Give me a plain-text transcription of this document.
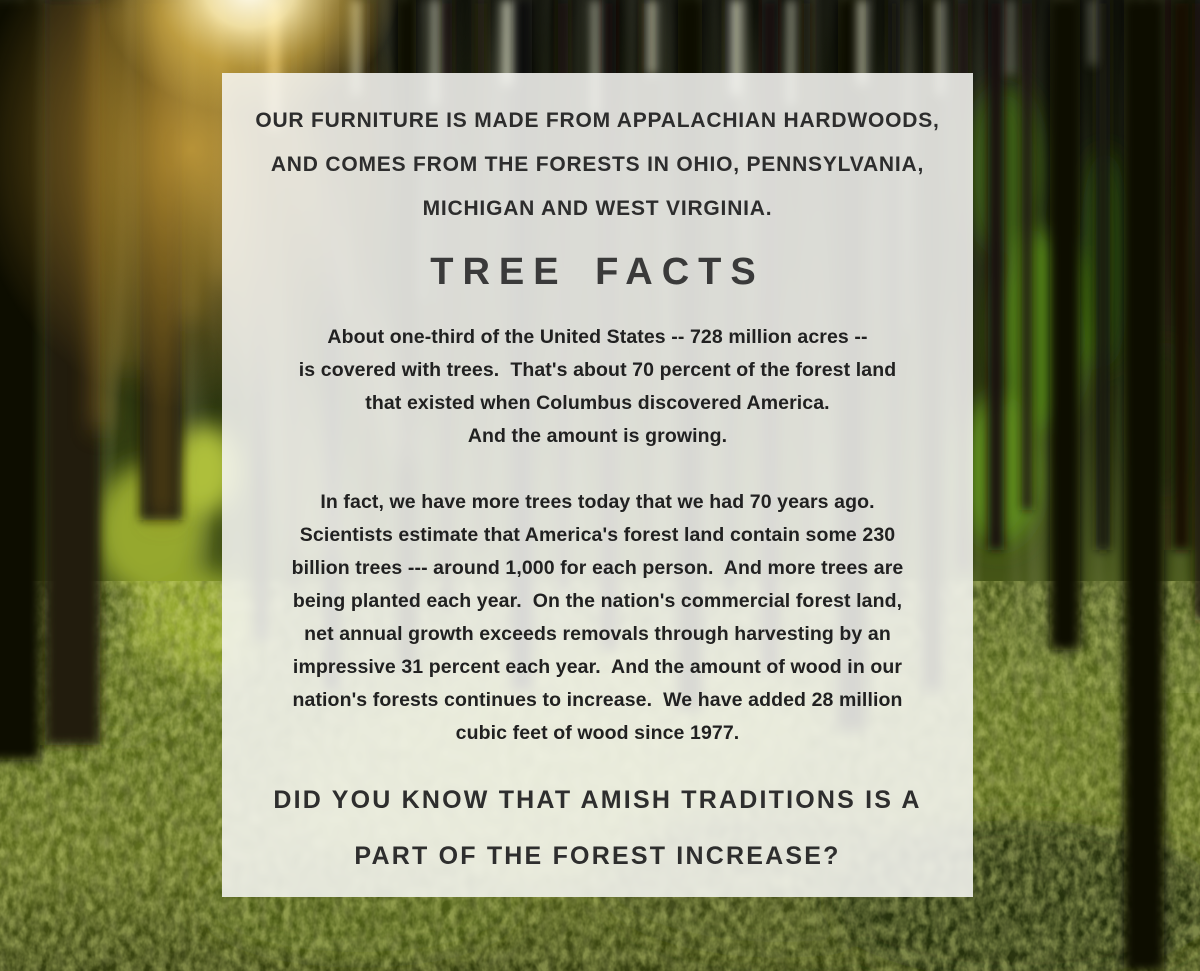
OUR FURNITURE IS MADE FROM APPALACHIAN HARDWOODS,
AND COMES FROM THE FORESTS IN OHIO, PENNSYLVANIA,
MICHIGAN AND WEST VIRGINIA.
TREE FACTS
About one-third of the United States -- 728 million acres --
is covered with trees.  That's about 70 percent of the forest land
that existed when Columbus discovered America.
And the amount is growing.
In fact, we have more trees today that we had 70 years ago.
Scientists estimate that America's forest land contain some 230
billion trees --- around 1,000 for each person.  And more trees are
being planted each year.  On the nation's commercial forest land,
net annual growth exceeds removals through harvesting by an
impressive 31 percent each year.  And the amount of wood in our
nation's forests continues to increase.  We have added 28 million
cubic feet of wood since 1977.
DID YOU KNOW THAT AMISH TRADITIONS IS A
PART OF THE FOREST INCREASE?
